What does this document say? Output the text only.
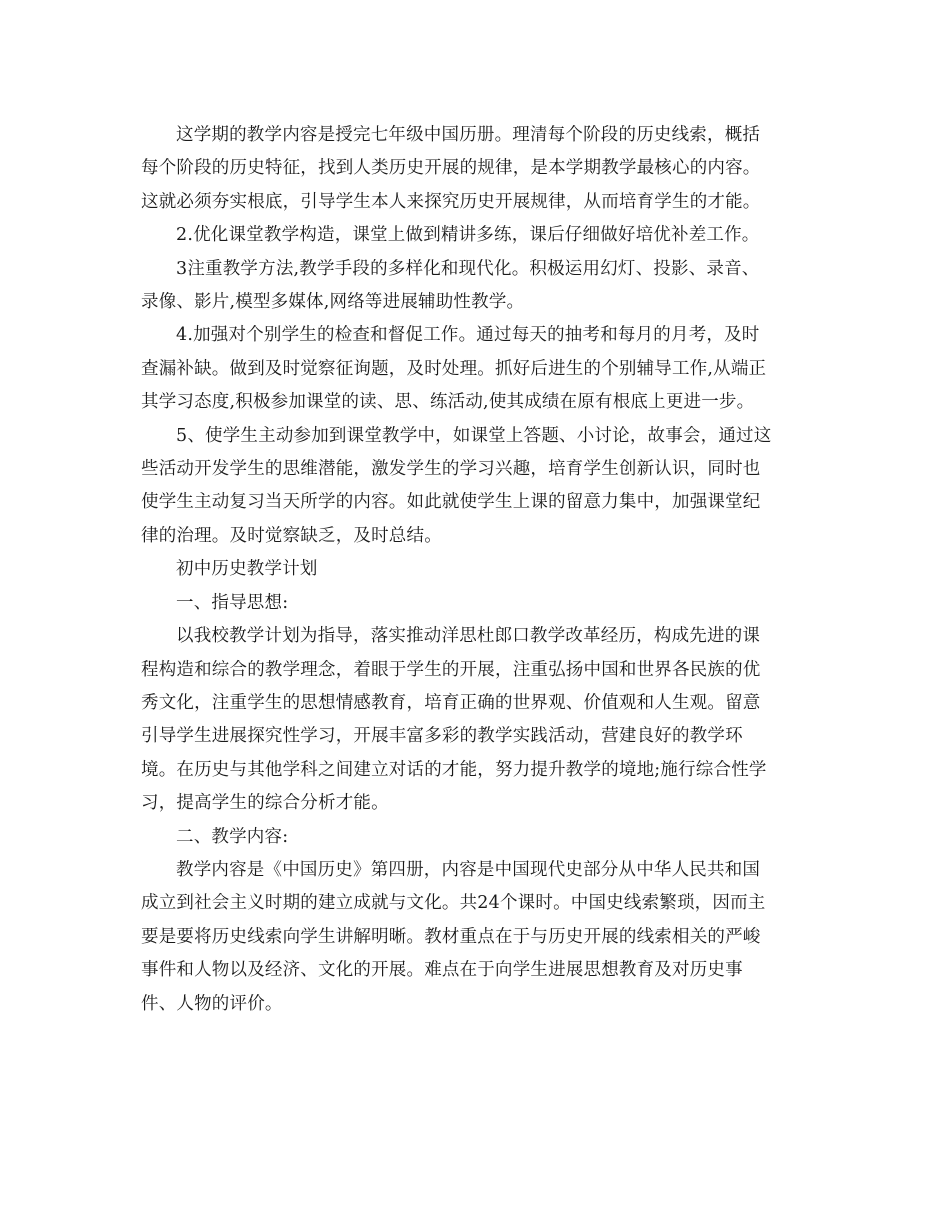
这学期的教学内容是授完七年级中国历册。理清每个阶段的历史线索，概括
每个阶段的历史特征，找到人类历史开展的规律，是本学期教学最核心的内容。
这就必须夯实根底，引导学生本人来探究历史开展规律，从而培育学生的才能。
2.优化课堂教学构造，课堂上做到精讲多练，课后仔细做好培优补差工作。
3注重教学方法,教学手段的多样化和现代化。积极运用幻灯、投影、录音、
录像、影片,模型多媒体,网络等进展辅助性教学。
4.加强对个别学生的检查和督促工作。通过每天的抽考和每月的月考，及时
查漏补缺。做到及时觉察征询题，及时处理。抓好后进生的个别辅导工作,从端正
其学习态度,积极参加课堂的读、思、练活动,使其成绩在原有根底上更进一步。
5、使学生主动参加到课堂教学中，如课堂上答题、小讨论，故事会，通过这
些活动开发学生的思维潜能，激发学生的学习兴趣，培育学生创新认识，同时也
使学生主动复习当天所学的内容。如此就使学生上课的留意力集中，加强课堂纪
律的治理。及时觉察缺乏，及时总结。
初中历史教学计划
一、指导思想:
以我校教学计划为指导，落实推动洋思杜郎口教学改革经历，构成先进的课
程构造和综合的教学理念，着眼于学生的开展，注重弘扬中国和世界各民族的优
秀文化，注重学生的思想情感教育，培育正确的世界观、价值观和人生观。留意
引导学生进展探究性学习，开展丰富多彩的教学实践活动，营建良好的教学环
境。在历史与其他学科之间建立对话的才能，努力提升教学的境地;施行综合性学
习，提高学生的综合分析才能。
二、教学内容:
教学内容是《中国历史》第四册，内容是中国现代史部分从中华人民共和国
成立到社会主义时期的建立成就与文化。共24个课时。中国史线索繁琐，因而主
要是要将历史线索向学生讲解明晰。教材重点在于与历史开展的线索相关的严峻
事件和人物以及经济、文化的开展。难点在于向学生进展思想教育及对历史事
件、人物的评价。
